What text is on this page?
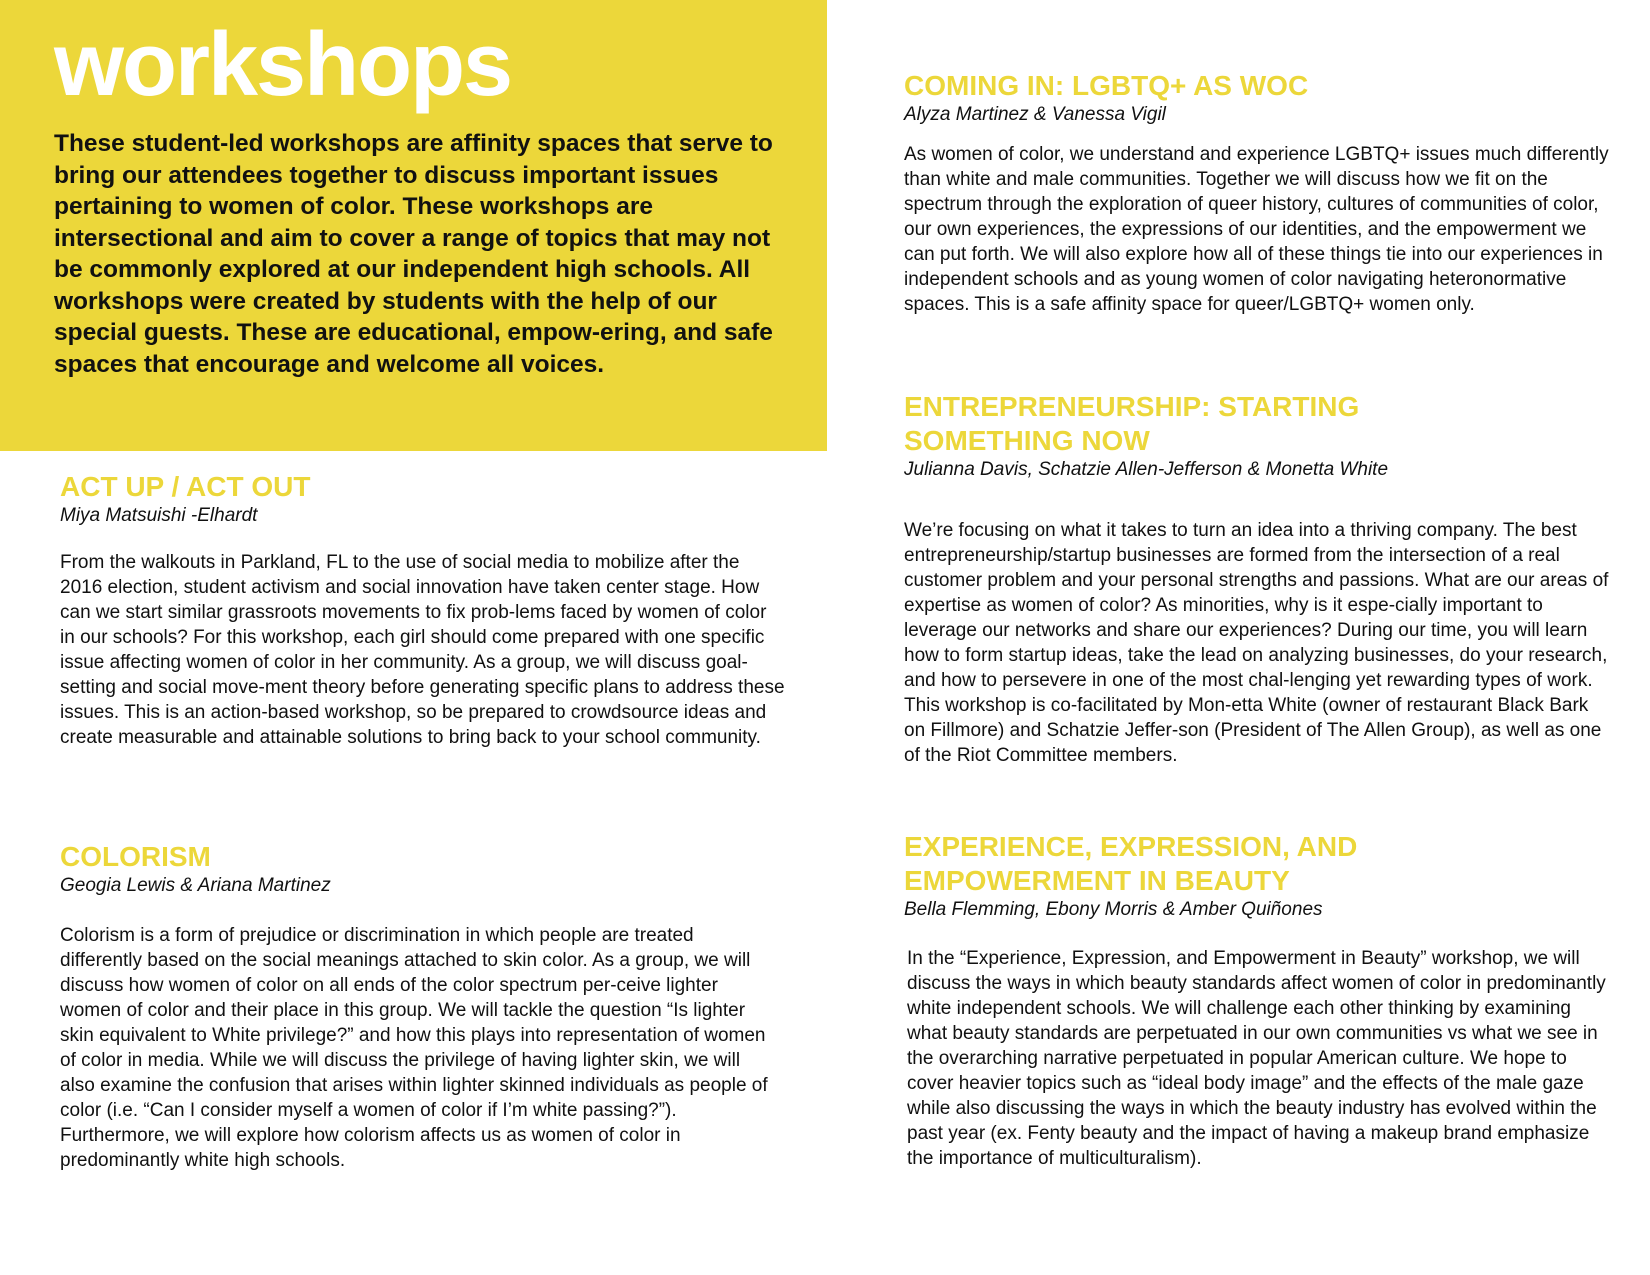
workshops

These student-led workshops are affinity spaces that serve to bring our attendees together to discuss important issues pertaining to women of color. These workshops are intersectional and aim to cover a range of topics that may not be commonly explored at our independent high schools. All workshops were created by students with the help of our special guests. These are educational, empow-ering, and safe spaces that encourage and welcome all voices.

ACT UP / ACT OUT

Miya Matsuishi -Elhardt

From the walkouts in Parkland, FL to the use of social media to mobilize after the 2016 election, student activism and social innovation have taken center stage. How can we start similar grassroots movements to fix prob-lems faced by women of color in our schools? For this workshop, each girl should come prepared with one specific issue affecting women of color in her community. As a group, we will discuss goal-setting and social move-ment theory before generating specific plans to address these issues. This is an action-based workshop, so be prepared to crowdsource ideas and create measurable and attainable solutions to bring back to your school community.

COLORISM

Geogia Lewis & Ariana Martinez

Colorism is a form of prejudice or discrimination in which people are treated differently based on the social meanings attached to skin color. As a group, we will discuss how women of color on all ends of the color spectrum per-ceive lighter women of color and their place in this group. We will tackle the question “Is lighter skin equivalent to White privilege?” and how this plays into representation of women of color in media. While we will discuss the privilege of having lighter skin, we will also examine the confusion that arises within lighter skinned individuals as people of color (i.e. “Can I consider myself a women of color if I’m white passing?”). Furthermore, we will explore how colorism affects us as women of color in predominantly white high schools.

COMING IN: LGBTQ+ AS WOC

Alyza Martinez & Vanessa Vigil

As women of color, we understand and experience LGBTQ+ issues much differently than white and male communities. Together we will discuss how we fit on the spectrum through the exploration of queer history, cultures of communities of color, our own experiences, the expressions of our identities, and the empowerment we can put forth. We will also explore how all of these things tie into our experiences in independent schools and as young women of color navigating heteronormative spaces. This is a safe affinity space for queer/LGBTQ+ women only.

ENTREPRENEURSHIP: STARTING SOMETHING NOW

Julianna Davis, Schatzie Allen-Jefferson & Monetta White

We’re focusing on what it takes to turn an idea into a thriving company. The best entrepreneurship/startup businesses are formed from the intersection of a real customer problem and your personal strengths and passions. What are our areas of expertise as women of color? As minorities, why is it espe-cially important to leverage our networks and share our experiences? During our time, you will learn how to form startup ideas, take the lead on analyzing businesses, do your research, and how to persevere in one of the most chal-lenging yet rewarding types of work. This workshop is co-facilitated by Mon-etta White (owner of restaurant Black Bark on Fillmore) and Schatzie Jeffer-son (President of The Allen Group), as well as one of the Riot Committee members.

EXPERIENCE, EXPRESSION, AND EMPOWERMENT IN BEAUTY

Bella Flemming, Ebony Morris & Amber Quiñones

In the “Experience, Expression, and Empowerment in Beauty” workshop, we will discuss the ways in which beauty standards affect women of color in predominantly white independent schools. We will challenge each other thinking by examining what beauty standards are perpetuated in our own communities vs what we see in the overarching narrative perpetuated in popular American culture. We hope to cover heavier topics such as “ideal body image” and the effects of the male gaze while also discussing the ways in which the beauty industry has evolved within the past year (ex. Fenty beauty and the impact of having a makeup brand emphasize the importance of multiculturalism).
